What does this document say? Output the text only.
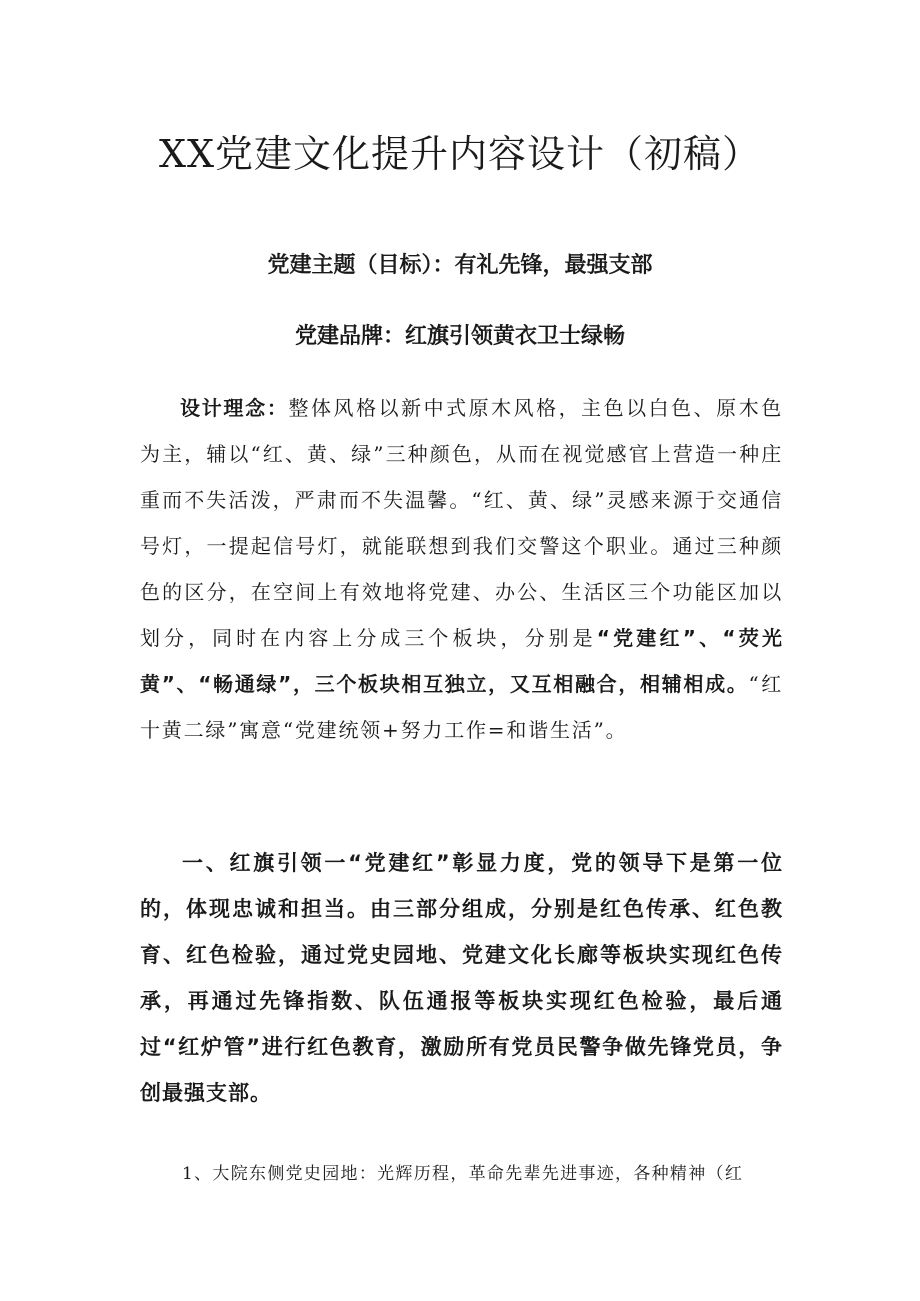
XX党建文化提升内容设计（初稿）

党建主题（目标）：有礼先锋，最强支部

党建品牌：红旗引领黄衣卫士绿畅

设计理念：整体风格以新中式原木风格，主色以白色、原木色为主，辅以“红、黄、绿”三种颜色，从而在视觉感官上营造一种庄重而不失活泼，严肃而不失温馨。“红、黄、绿”灵感来源于交通信号灯，一提起信号灯，就能联想到我们交警这个职业。通过三种颜色的区分，在空间上有效地将党建、办公、生活区三个功能区加以划分，同时在内容上分成三个板块，分别是“党建红”、“荧光黄”、“畅通绿”，三个板块相互独立，又互相融合，相辅相成。“红十黄二绿”寓意“党建统领+努力工作=和谐生活”。

一、红旗引领一“党建红”彰显力度，党的领导下是第一位的，体现忠诚和担当。由三部分组成，分别是红色传承、红色教育、红色检验，通过党史园地、党建文化长廊等板块实现红色传承，再通过先锋指数、队伍通报等板块实现红色检验，最后通过“红炉管”进行红色教育，激励所有党员民警争做先锋党员，争创最强支部。

1、大院东侧党史园地：光辉历程，革命先辈先进事迹，各种精神（红
